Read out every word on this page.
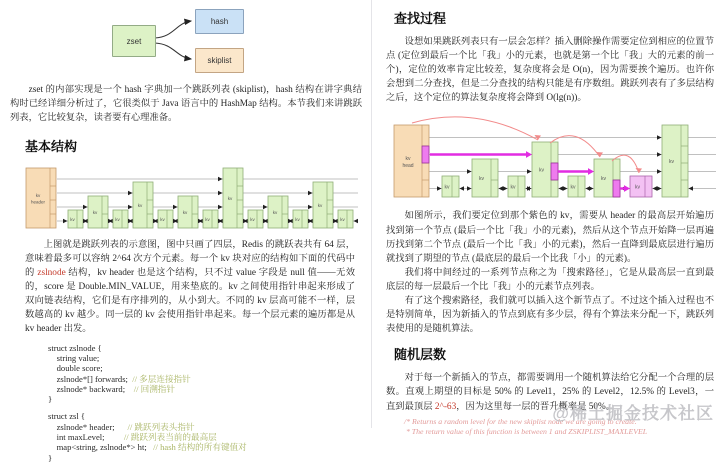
zset
hash
skiplist

zset 的内部实现是一个 hash 字典加一个跳跃列表 (skiplist)，hash 结构在讲字典结构时已经详细分析过了，它很类似于 Java 语言中的 HashMap 结构。本节我们来讲跳跃列表，它比较复杂，读者要有心理准备。

基本结构
kv header
kv
kv
kv
kv
kv
kv
kv
kv
kv
kv
kv
kv
kv

上图就是跳跃列表的示意图，图中只画了四层，Redis 的跳跃表共有 64 层，意味着最多可以容纳 2^64 次方个元素。每一个 kv 块对应的结构如下面的代码中的 zslnode 结构，kv header 也是这个结构，只不过 value 字段是 null 值——无效的，score 是 Double.MIN_VALUE，用来垫底的。kv 之间使用指针串起来形成了双向链表结构，它们是有序排列的，从小到大。不同的 kv 层高可能不一样，层数越高的 kv 越少。同一层的 kv 会使用指针串起来。每一个层元素的遍历都是从 kv header 出发。

struct zslnode {
string value;
double score;
zslnode*[] forwards;  // 多层连接指针
zslnode* backward;    // 回溯指针
}
struct zsl {
zslnode* header;      // 跳跃列表头指针
int maxLevel;         // 跳跃列表当前的最高层
map<string, zslnode*> ht;   // hash 结构的所有键值对
}
查找过程

设想如果跳跃列表只有一层会怎样？插入删除操作需要定位到相应的位置节点 (定位到最后一个比「我」小的元素，也就是第一个比「我」大的元素的前一个)，定位的效率肯定比较差，复杂度将会是 O(n)，因为需要挨个遍历。也许你会想到二分查找，但是二分查找的结构只能是有序数组。跳跃列表有了多层结构之后，这个定位的算法复杂度将会降到 O(lg(n))。

kv head
kv
kv
kv
kv
kv
kv
kv
kv

如图所示，我们要定位到那个紫色的 kv，需要从 header 的最高层开始遍历找到第一个节点 (最后一个比「我」小的元素)，然后从这个节点开始降一层再遍历找到第二个节点 (最后一个比「我」小的元素)，然后一直降到最底层进行遍历就找到了期望的节点 (最底层的最后一个比我「小」的元素)。

我们将中间经过的一系列节点称之为「搜索路径」，它是从最高层一直到最底层的每一层最后一个比「我」小的元素节点列表。

有了这个搜索路径，我们就可以插入这个新节点了。不过这个插入过程也不是特别简单，因为新插入的节点到底有多少层，得有个算法来分配一下，跳跃列表使用的是随机算法。

随机层数

对于每一个新插入的节点，都需要调用一个随机算法给它分配一个合理的层数。直观上期望的目标是 50% 的 Level1，25% 的 Level2，12.5% 的 Level3，一直到最顶层 2^-63，因为这里每一层的晋升概率是 50%。

/* Returns a random level for the new skiplist node we are going to create.
* The return value of this function is between 1 and ZSKIPLIST_MAXLEVEL
@稀土掘金技术社区
